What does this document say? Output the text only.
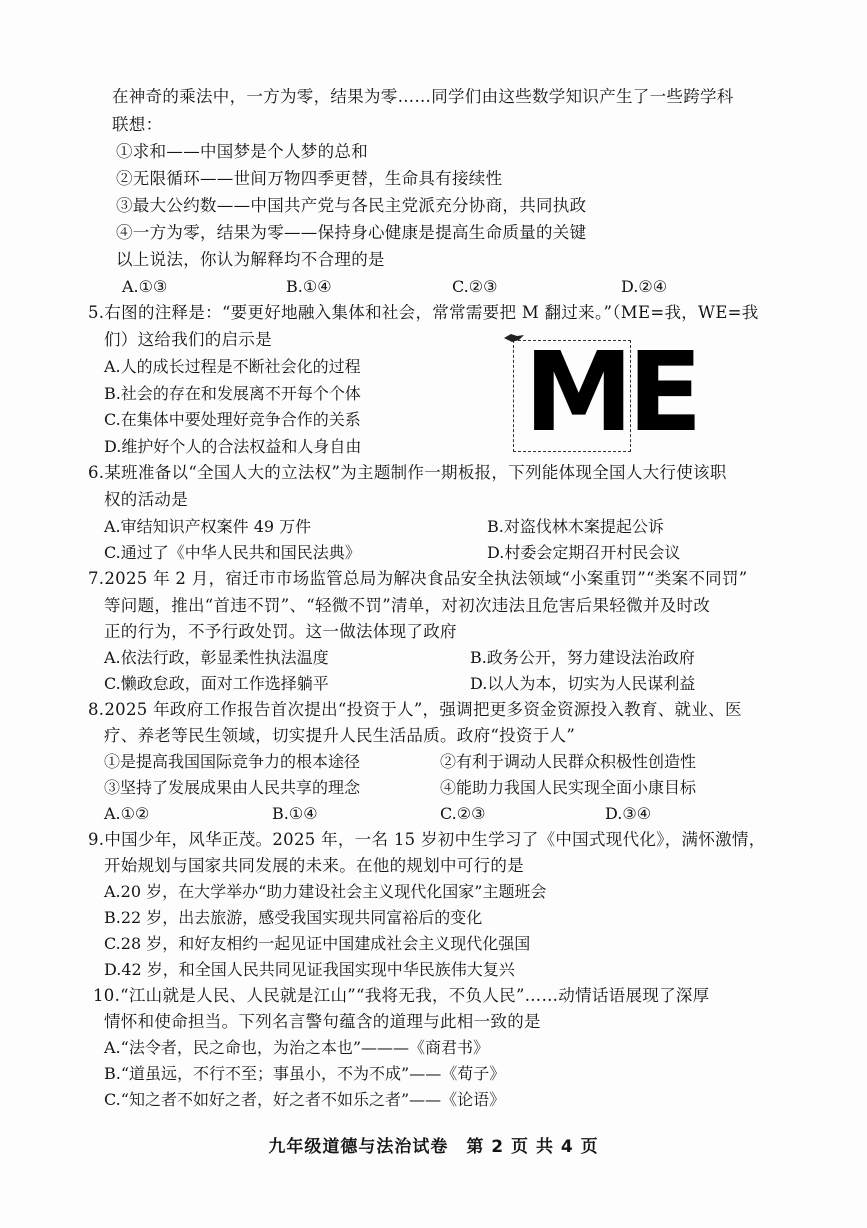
在神奇的乘法中，一方为零，结果为零……同学们由这些数学知识产生了一些跨学科
联想：
①求和——中国梦是个人梦的总和
②无限循环——世间万物四季更替，生命具有接续性
③最大公约数——中国共产党与各民主党派充分协商，共同执政
④一方为零，结果为零——保持身心健康是提高生命质量的关键
以上说法，你认为解释均不合理的是
A.①③	B.①④	C.②③	D.②④
5.右图的注释是：“要更好地融入集体和社会，常常需要把 M 翻过来。”（ME=我，WE=我
们）这给我们的启示是
A.人的成长过程是不断社会化的过程
B.社会的存在和发展离不开每个个体
C.在集体中要处理好竞争合作的关系
D.维护好个人的合法权益和人身自由 ME
6.某班准备以“全国人大的立法权”为主题制作一期板报，下列能体现全国人大行使该职
权的活动是
A.审结知识产权案件 49 万件	B.对盗伐林木案提起公诉
C.通过了《中华人民共和国民法典》	D.村委会定期召开村民会议
7.2025 年 2 月，宿迁市市场监管总局为解决食品安全执法领域“小案重罚”“类案不同罚”
等问题，推出“首违不罚”、“轻微不罚”清单，对初次违法且危害后果轻微并及时改
正的行为，不予行政处罚。这一做法体现了政府
A.依法行政，彰显柔性执法温度	B.政务公开，努力建设法治政府
C.懒政怠政，面对工作选择躺平	D.以人为本，切实为人民谋利益
8.2025 年政府工作报告首次提出“投资于人”，强调把更多资金资源投入教育、就业、医
疗、养老等民生领域，切实提升人民生活品质。政府“投资于人”
①是提高我国国际竞争力的根本途径	②有利于调动人民群众积极性创造性
③坚持了发展成果由人民共享的理念	④能助力我国人民实现全面小康目标
A.①②	B.①④	C.②③	D.③④
9.中国少年，风华正茂。2025 年，一名 15 岁初中生学习了《中国式现代化》，满怀激情，
开始规划与国家共同发展的未来。在他的规划中可行的是
A.20 岁，在大学举办“助力建设社会主义现代化国家”主题班会
B.22 岁，出去旅游，感受我国实现共同富裕后的变化
C.28 岁，和好友相约一起见证中国建成社会主义现代化强国
D.42 岁，和全国人民共同见证我国实现中华民族伟大复兴
10.“江山就是人民、人民就是江山”“我将无我，不负人民”……动情话语展现了深厚
情怀和使命担当。下列名言警句蕴含的道理与此相一致的是
A.“法令者，民之命也，为治之本也”———《商君书》
B.“道虽远，不行不至；事虽小，不为不成”——《荀子》
C.“知之者不如好之者，好之者不如乐之者”——《论语》
九年级道德与法治试卷　第 2 页 共 4 页
